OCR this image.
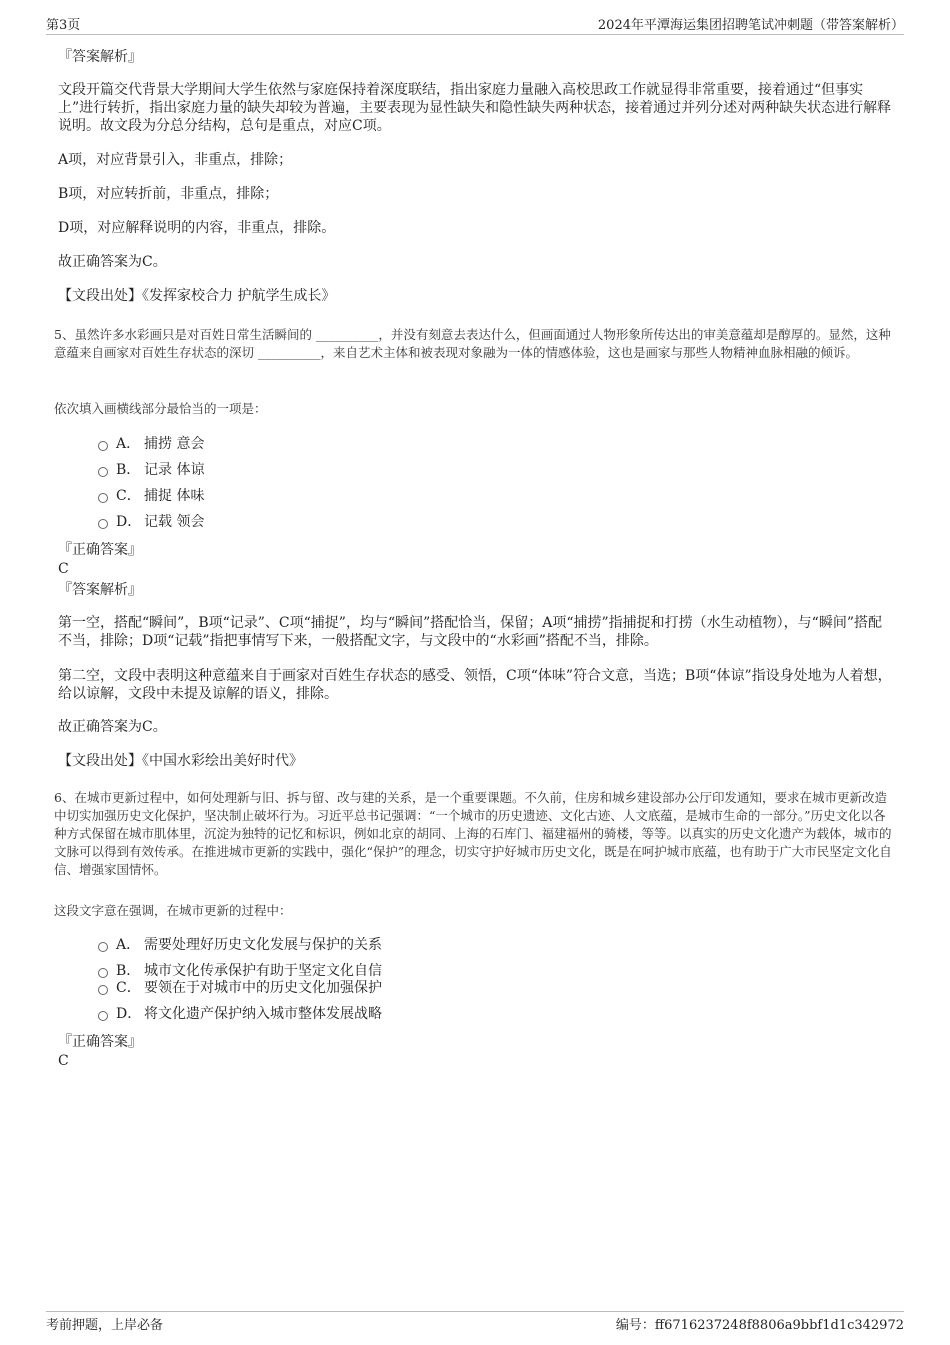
第3页	2024年平潭海运集团招聘笔试冲刺题（带答案解析）
『答案解析』
文段开篇交代背景大学期间大学生依然与家庭保持着深度联结，指出家庭力量融入高校思政工作就显得非常重要，接着通过“但事实上”进行转折，指出家庭力量的缺失却较为普遍，主要表现为显性缺失和隐性缺失两种状态，接着通过并列分述对两种缺失状态进行解释说明。故文段为分总分结构，总句是重点，对应C项。
A项，对应背景引入，非重点，排除；
B项，对应转折前，非重点，排除；
D项，对应解释说明的内容，非重点，排除。
故正确答案为C。
【文段出处】《发挥家校合力 护航学生成长》
5、虽然许多水彩画只是对百姓日常生活瞬间的 __________，并没有刻意去表达什么，但画面通过人物形象所传达出的审美意蕴却是醇厚的。显然，这种意蕴来自画家对百姓生存状态的深切 __________，来自艺术主体和被表现对象融为一体的情感体验，这也是画家与那些人物精神血脉相融的倾诉。
依次填入画横线部分最恰当的一项是：
A． 捕捞 意会
B． 记录 体谅
C． 捕捉 体味
D． 记载 领会
『正确答案』
C
『答案解析』
第一空，搭配“瞬间”，B项“记录”、C项“捕捉”，均与“瞬间”搭配恰当，保留；A项“捕捞”指捕捉和打捞（水生动植物），与“瞬间”搭配不当，排除；D项“记载”指把事情写下来，一般搭配文字，与文段中的“水彩画”搭配不当，排除。
第二空，文段中表明这种意蕴来自于画家对百姓生存状态的感受、领悟，C项“体味”符合文意，当选；B项“体谅”指设身处地为人着想，给以谅解，文段中未提及谅解的语义，排除。
故正确答案为C。
【文段出处】《中国水彩绘出美好时代》
6、在城市更新过程中，如何处理新与旧、拆与留、改与建的关系，是一个重要课题。不久前，住房和城乡建设部办公厅印发通知，要求在城市更新改造中切实加强历史文化保护，坚决制止破坏行为。习近平总书记强调：“一个城市的历史遗迹、文化古迹、人文底蕴，是城市生命的一部分。”历史文化以各种方式保留在城市肌体里，沉淀为独特的记忆和标识，例如北京的胡同、上海的石库门、福建福州的骑楼，等等。以真实的历史文化遗产为载体，城市的文脉可以得到有效传承。在推进城市更新的实践中，强化“保护”的理念，切实守护好城市历史文化，既是在呵护城市底蕴，也有助于广大市民坚定文化自信、增强家国情怀。
这段文字意在强调，在城市更新的过程中：
A． 需要处理好历史文化发展与保护的关系
B． 城市文化传承保护有助于坚定文化自信
C． 要领在于对城市中的历史文化加强保护
D． 将文化遗产保护纳入城市整体发展战略
『正确答案』
C
考前押题，上岸必备	编号：ff6716237248f8806a9bbf1d1c342972
